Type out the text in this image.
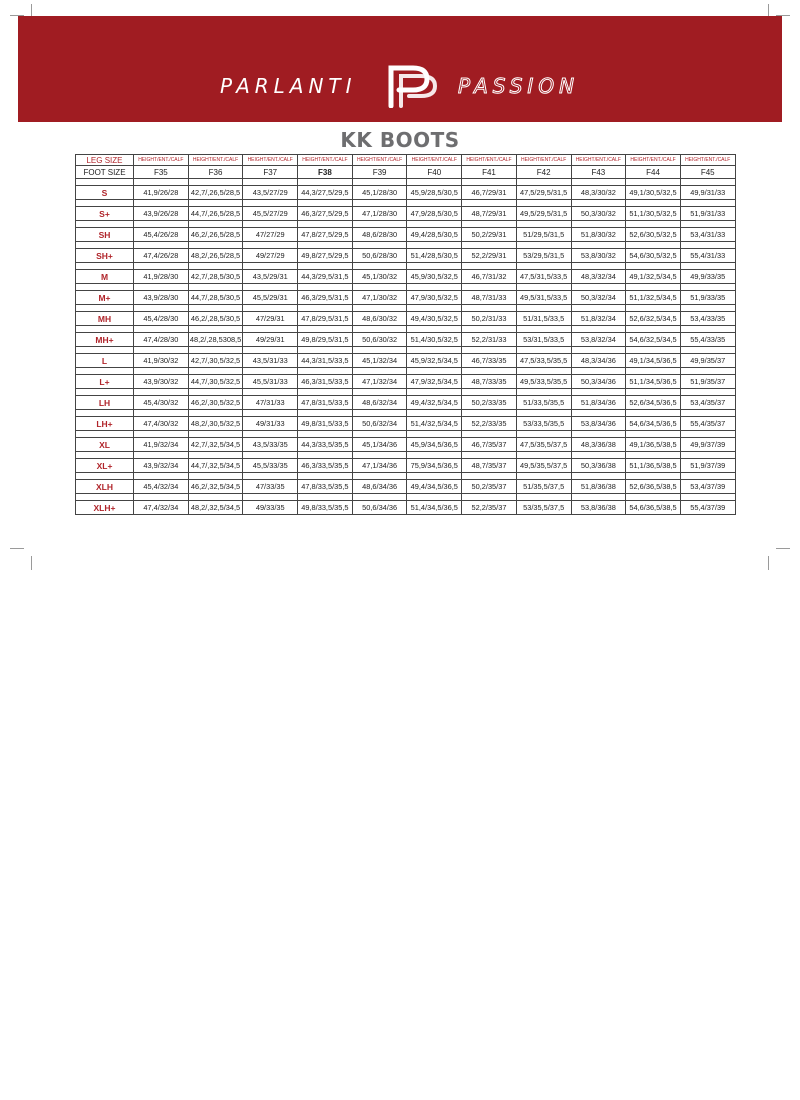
PARLANTI	PASSION
KK BOOTS
LEG SIZE	HEIGHT/ENT./CALF	HEIGHT/ENT./CALF	HEIGHT/ENT./CALF	HEIGHT/ENT./CALF	HEIGHT/ENT./CALF	HEIGHT/ENT./CALF	HEIGHT/ENT./CALF	HEIGHT/ENT./CALF	HEIGHT/ENT./CALF	HEIGHT/ENT./CALF	HEIGHT/ENT./CALF
FOOT SIZE	F35	F36	F37	F38	F39	F40	F41	F42	F43	F44	F45

S	41,9/26/28	42,7/,26,5/28,5	43,5/27/29	44,3/27,5/29,5	45,1/28/30	45,9/28,5/30,5	46,7/29/31	47,5/29,5/31,5	48,3/30/32	49,1/30,5/32,5	49,9/31/33

S+	43,9/26/28	44,7/,26,5/28,5	45,5/27/29	46,3/27,5/29,5	47,1/28/30	47,9/28,5/30,5	48,7/29/31	49,5/29,5/31,5	50,3/30/32	51,1/30,5/32,5	51,9/31/33

SH	45,4/26/28	46,2/,26,5/28,5	47/27/29	47,8/27,5/29,5	48,6/28/30	49,4/28,5/30,5	50,2/29/31	51/29,5/31,5	51,8/30/32	52,6/30,5/32,5	53,4/31/33

SH+	47,4/26/28	48,2/,26,5/28,5	49/27/29	49,8/27,5/29,5	50,6/28/30	51,4/28,5/30,5	52,2/29/31	53/29,5/31,5	53,8/30/32	54,6/30,5/32,5	55,4/31/33

M	41,9/28/30	42,7/,28,5/30,5	43,5/29/31	44,3/29,5/31,5	45,1/30/32	45,9/30,5/32,5	46,7/31/32	47,5/31,5/33,5	48,3/32/34	49,1/32,5/34,5	49,9/33/35

M+	43,9/28/30	44,7/,28,5/30,5	45,5/29/31	46,3/29,5/31,5	47,1/30/32	47,9/30,5/32,5	48,7/31/33	49,5/31,5/33,5	50,3/32/34	51,1/32,5/34,5	51,9/33/35

MH	45,4/28/30	46,2/,28,5/30,5	47/29/31	47,8/29,5/31,5	48,6/30/32	49,4/30,5/32,5	50,2/31/33	51/31,5/33,5	51,8/32/34	52,6/32,5/34,5	53,4/33/35

MH+	47,4/28/30	48,2/,28,5308,5	49/29/31	49,8/29,5/31,5	50,6/30/32	51,4/30,5/32,5	52,2/31/33	53/31,5/33,5	53,8/32/34	54,6/32,5/34,5	55,4/33/35

L	41,9/30/32	42,7/,30,5/32,5	43,5/31/33	44,3/31,5/33,5	45,1/32/34	45,9/32,5/34,5	46,7/33/35	47,5/33,5/35,5	48,3/34/36	49,1/34,5/36,5	49,9/35/37

L+	43,9/30/32	44,7/,30,5/32,5	45,5/31/33	46,3/31,5/33,5	47,1/32/34	47,9/32,5/34,5	48,7/33/35	49,5/33,5/35,5	50,3/34/36	51,1/34,5/36,5	51,9/35/37

LH	45,4/30/32	46,2/,30,5/32,5	47/31/33	47,8/31,5/33,5	48,6/32/34	49,4/32,5/34,5	50,2/33/35	51/33,5/35,5	51,8/34/36	52,6/34,5/36,5	53,4/35/37

LH+	47,4/30/32	48,2/,30,5/32,5	49/31/33	49,8/31,5/33,5	50,6/32/34	51,4/32,5/34,5	52,2/33/35	53/33,5/35,5	53,8/34/36	54,6/34,5/36,5	55,4/35/37

XL	41,9/32/34	42,7/,32,5/34,5	43,5/33/35	44,3/33,5/35,5	45,1/34/36	45,9/34,5/36,5	46,7/35/37	47,5/35,5/37,5	48,3/36/38	49,1/36,5/38,5	49,9/37/39

XL+	43,9/32/34	44,7/,32,5/34,5	45,5/33/35	46,3/33,5/35,5	47,1/34/36	75,9/34,5/36,5	48,7/35/37	49,5/35,5/37,5	50,3/36/38	51,1/36,5/38,5	51,9/37/39

XLH	45,4/32/34	46,2/,32,5/34,5	47/33/35	47,8/33,5/35,5	48,6/34/36	49,4/34,5/36,5	50,2/35/37	51/35,5/37,5	51,8/36/38	52,6/36,5/38,5	53,4/37/39

XLH+	47,4/32/34	48,2/,32,5/34,5	49/33/35	49,8/33,5/35,5	50,6/34/36	51,4/34,5/36,5	52,2/35/37	53/35,5/37,5	53,8/36/38	54,6/36,5/38,5	55,4/37/39
